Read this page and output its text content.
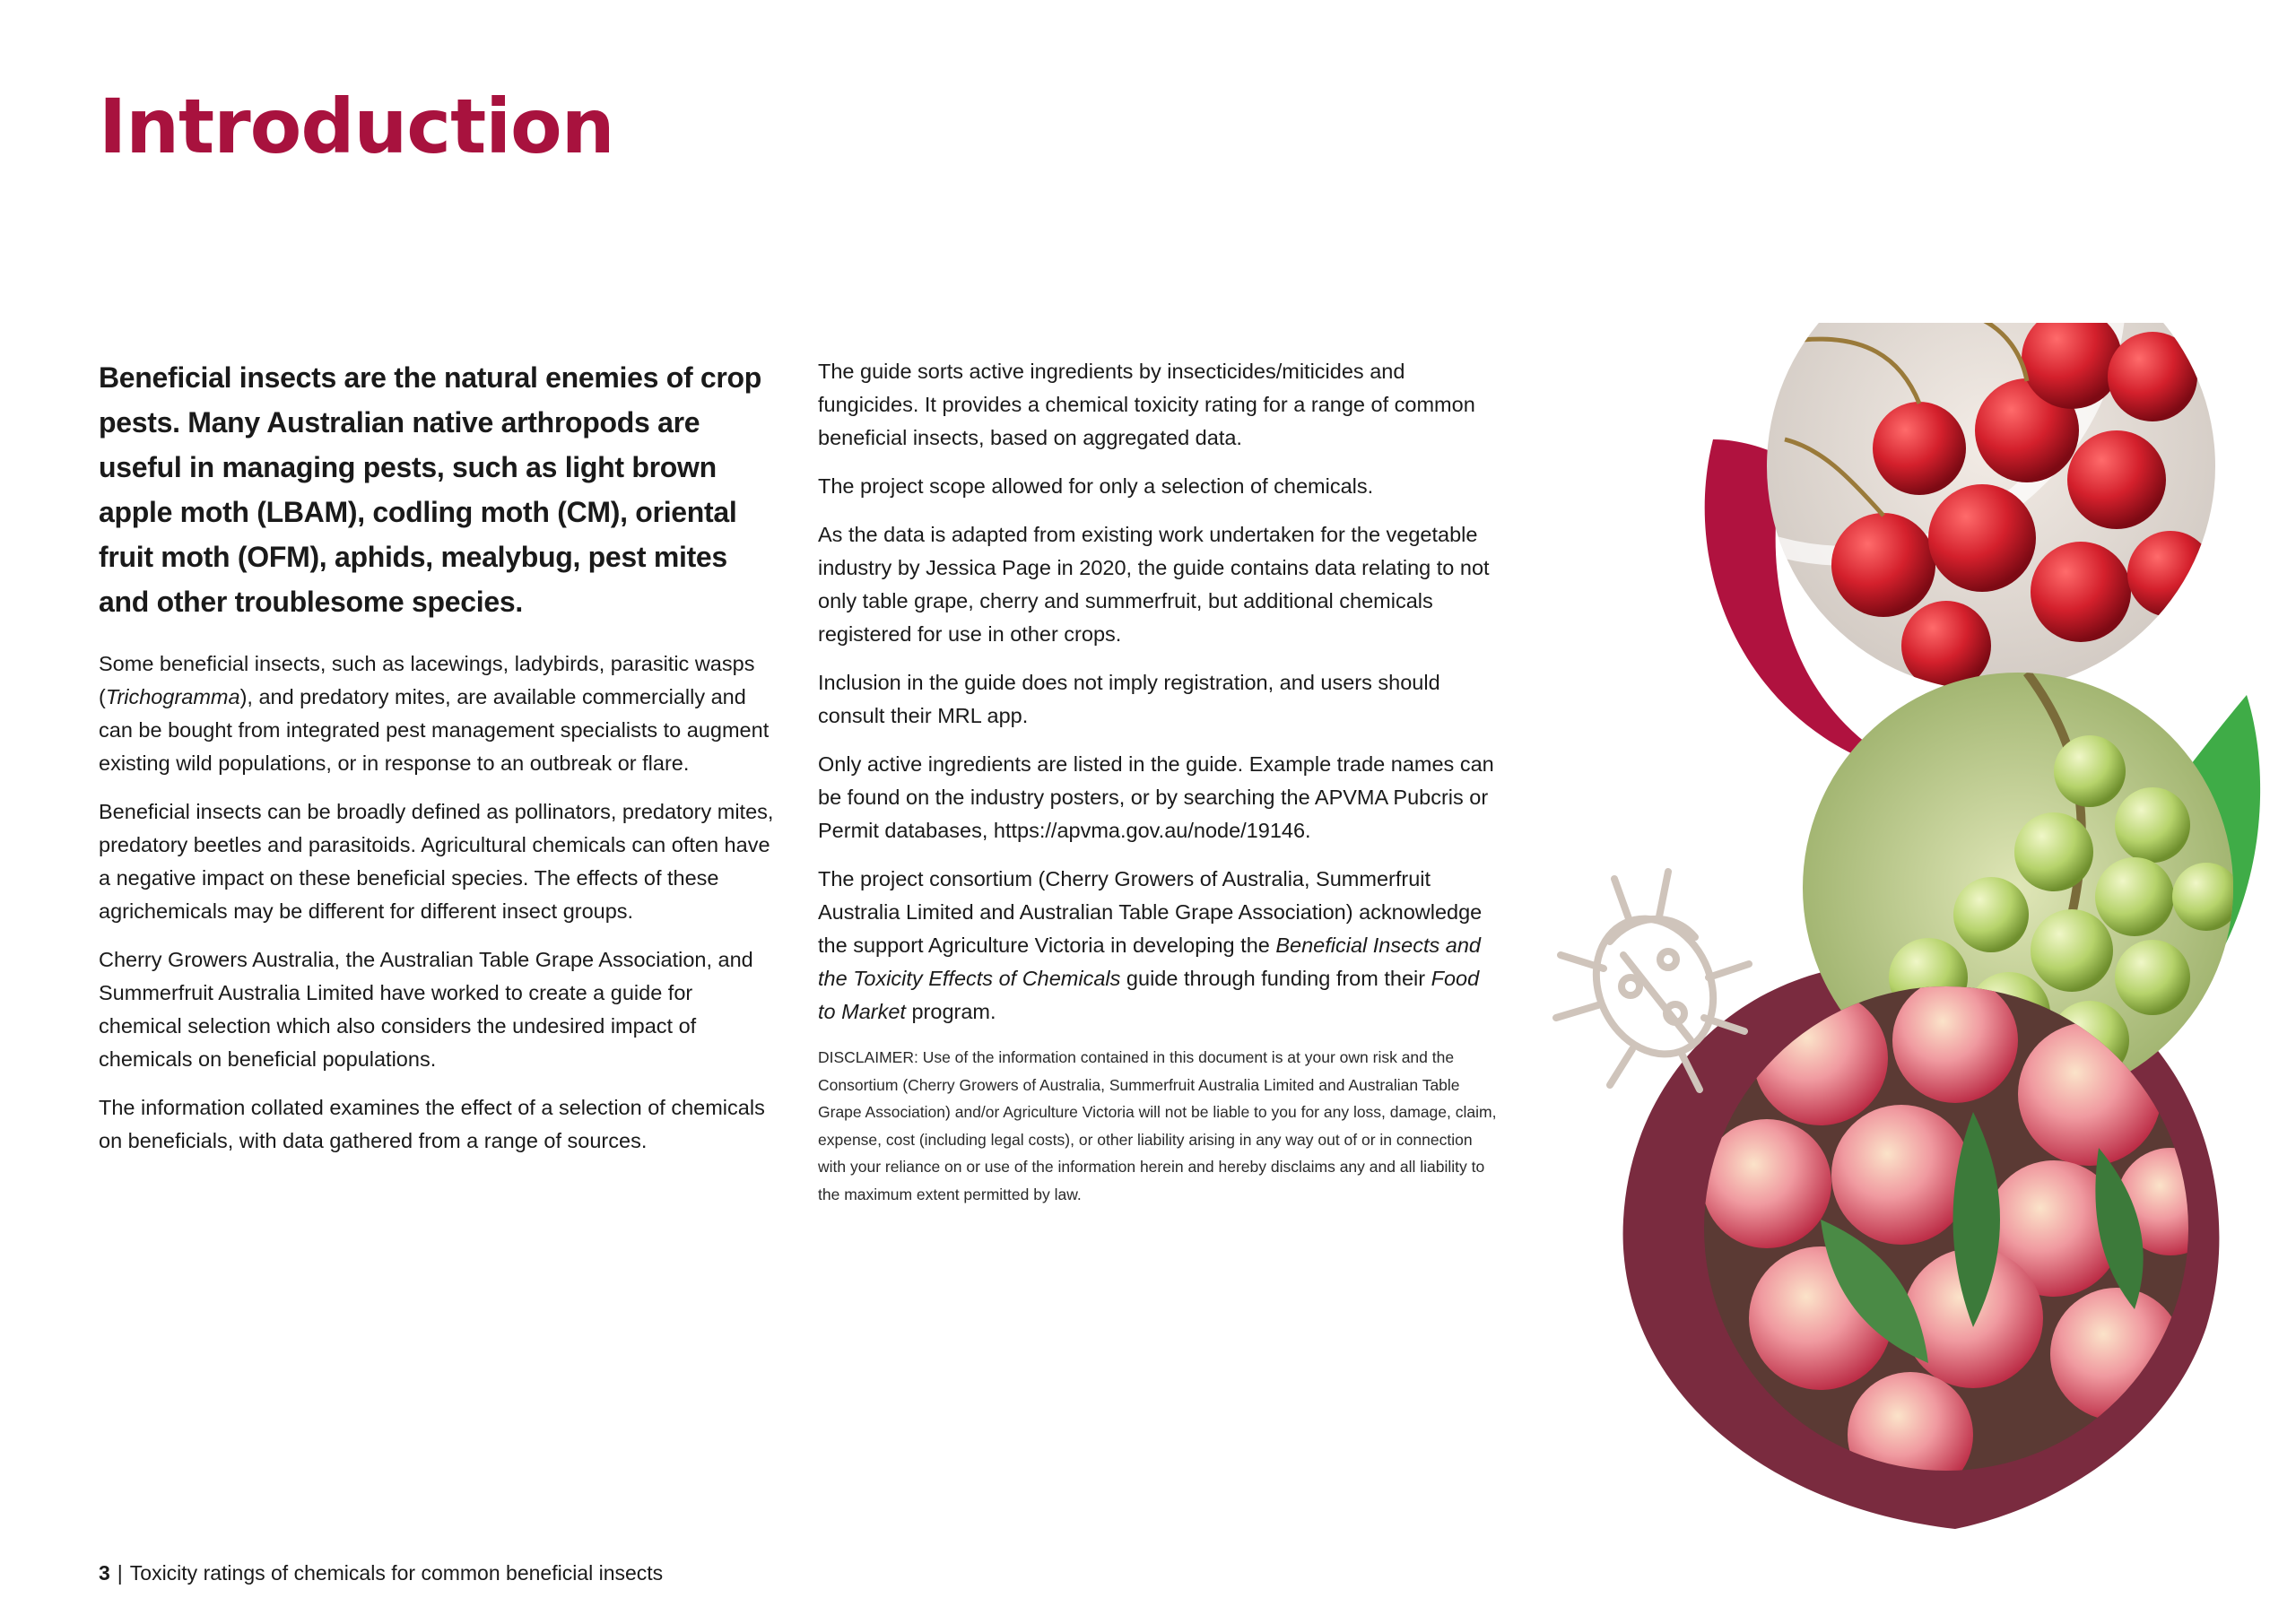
Introduction

Beneficial insects are the natural enemies of crop pests. Many Australian native arthropods are useful in managing pests, such as light brown apple moth (LBAM), codling moth (CM), oriental fruit moth (OFM), aphids, mealybug, pest mites and other troublesome species.

Some beneficial insects, such as lacewings, ladybirds, parasitic wasps (Trichogramma), and predatory mites, are available commercially and can be bought from integrated pest management specialists to augment existing wild populations, or in response to an outbreak or flare.

Beneficial insects can be broadly defined as pollinators, predatory mites, predatory beetles and parasitoids. Agricultural chemicals can often have a negative impact on these beneficial species. The effects of these agrichemicals may be different for different insect groups.

Cherry Growers Australia, the Australian Table Grape Association, and Summerfruit Australia Limited have worked to create a guide for chemical selection which also considers the undesired impact of chemicals on beneficial populations.

The information collated examines the effect of a selection of chemicals on beneficials, with data gathered from a range of sources.

The guide sorts active ingredients by insecticides/miticides and fungicides. It provides a chemical toxicity rating for a range of common beneficial insects, based on aggregated data.

The project scope allowed for only a selection of chemicals.

As the data is adapted from existing work undertaken for the vegetable industry by Jessica Page in 2020, the guide contains data relating to not only table grape, cherry and summerfruit, but additional chemicals registered for use in other crops.

Inclusion in the guide does not imply registration, and users should consult their MRL app.

Only active ingredients are listed in the guide. Example trade names can be found on the industry posters, or by searching the APVMA Pubcris or Permit databases, https://apvma.gov.au/node/19146.

The project consortium (Cherry Growers of Australia, Summerfruit Australia Limited and Australian Table Grape Association) acknowledge the support Agriculture Victoria in developing the Beneficial Insects and the Toxicity Effects of Chemicals guide through funding from their Food to Market program.

DISCLAIMER: Use of the information contained in this document is at your own risk and the Consortium (Cherry Growers of Australia, Summerfruit Australia Limited and Australian Table Grape Association) and/or Agriculture Victoria will not be liable to you for any loss, damage, claim, expense, cost (including legal costs), or other liability arising in any way out of or in connection with your reliance on or use of the information herein and hereby disclaims any and all liability to the maximum extent permitted by law.

3 | Toxicity ratings of chemicals for common beneficial insects
